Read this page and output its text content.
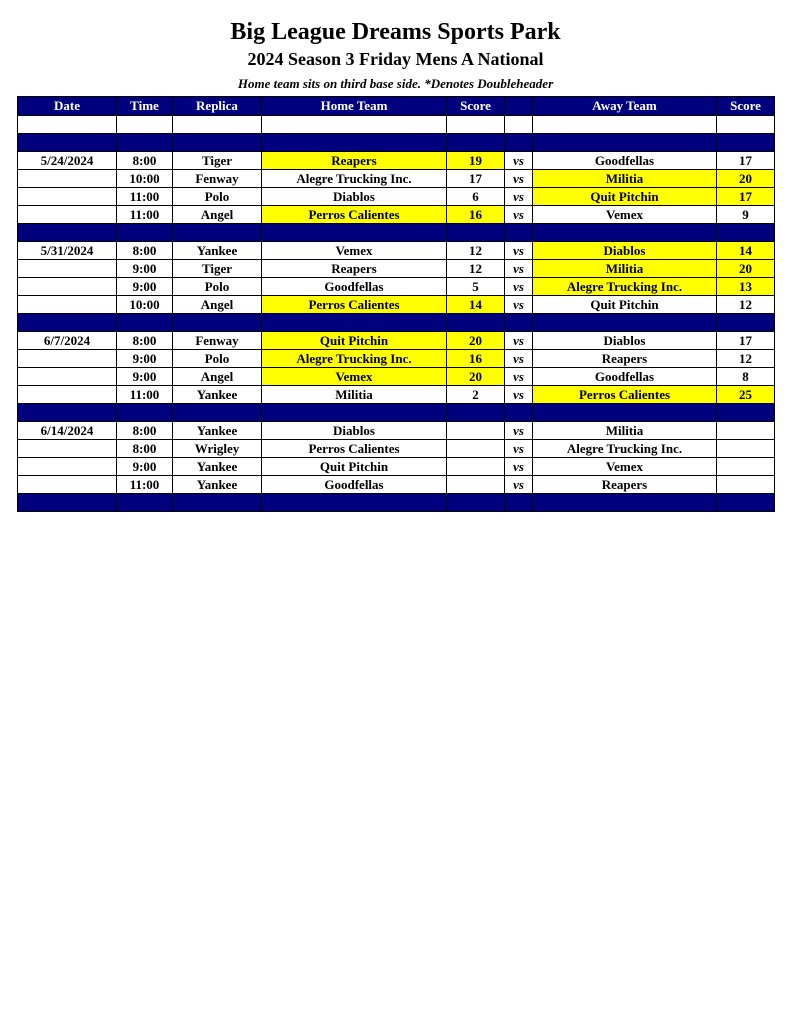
Big League Dreams Sports Park
2024 Season 3 Friday Mens A National
Home team sits on third base side. *Denotes Doubleheader
Date	Time	Replica	Home Team	Score		Away Team	Score

5/24/2024	8:00	Tiger	Reapers	19	vs	Goodfellas	17
	10:00	Fenway	Alegre Trucking Inc.	17	vs	Militia	20
	11:00	Polo	Diablos	6	vs	Quit Pitchin	17
	11:00	Angel	Perros Calientes	16	vs	Vemex	9

5/31/2024	8:00	Yankee	Vemex	12	vs	Diablos	14
	9:00	Tiger	Reapers	12	vs	Militia	20
	9:00	Polo	Goodfellas	5	vs	Alegre Trucking Inc.	13
	10:00	Angel	Perros Calientes	14	vs	Quit Pitchin	12

6/7/2024	8:00	Fenway	Quit Pitchin	20	vs	Diablos	17
	9:00	Polo	Alegre Trucking Inc.	16	vs	Reapers	12
	9:00	Angel	Vemex	20	vs	Goodfellas	8
	11:00	Yankee	Militia	2	vs	Perros Calientes	25

6/14/2024	8:00	Yankee	Diablos		vs	Militia	
	8:00	Wrigley	Perros Calientes		vs	Alegre Trucking Inc.	
	9:00	Yankee	Quit Pitchin		vs	Vemex	
	11:00	Yankee	Goodfellas		vs	Reapers	
